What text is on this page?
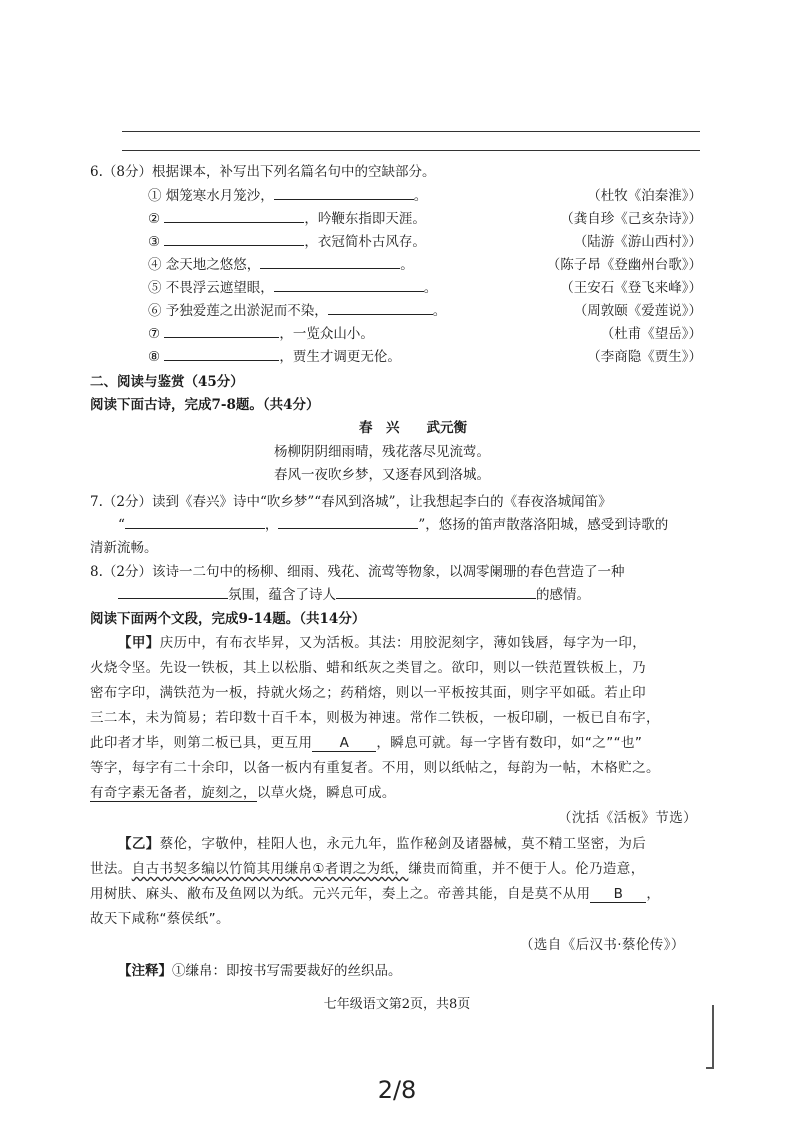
6.（8分）根据课本，补写出下列名篇名句中的空缺部分。
① 烟笼寒水月笼沙，	。	（杜牧《泊秦淮》）
②	，吟鞭东指即天涯。	（龚自珍《己亥杂诗》）
③	，衣冠简朴古风存。	（陆游《游山西村》）
④ 念天地之悠悠，	。	（陈子昂《登幽州台歌》）
⑤ 不畏浮云遮望眼，	。	（王安石《登飞来峰》）
⑥ 予独爱莲之出淤泥而不染，	。	（周敦颐《爱莲说》）
⑦	，一览众山小。	（杜甫《望岳》）
⑧	，贾生才调更无伦。	（李商隐《贾生》）
二、阅读与鉴赏（45分）
阅读下面古诗，完成7-8题。（共4分）
春　兴　　武元衡
杨柳阴阴细雨晴，残花落尽见流莺。
春风一夜吹乡梦，又逐春风到洛城。
7.（2分）读到《春兴》诗中“吹乡梦”“春风到洛城”，让我想起李白的《春夜洛城闻笛》
“	，	”，悠扬的笛声散落洛阳城，感受到诗歌的
清新流畅。
8.（2分）该诗一二句中的杨柳、细雨、残花、流莺等物象，以凋零阑珊的春色营造了一种
氛围，蕴含了诗人	的感情。
阅读下面两个文段，完成9-14题。（共14分）
【甲】庆历中，有布衣毕昇，又为活板。其法：用胶泥刻字，薄如钱唇，每字为一印，
火烧令坚。先设一铁板，其上以松脂、蜡和纸灰之类冒之。欲印，则以一铁范置铁板上，乃
密布字印，满铁范为一板，持就火炀之；药稍熔，则以一平板按其面，则字平如砥。若止印
三二本，未为简易；若印数十百千本，则极为神速。常作二铁板，一板印刷，一板已自布字，
此印者才毕，则第二板已具，更互用 A ，瞬息可就。每一字皆有数印，如“之”“也”
等字，每字有二十余印，以备一板内有重复者。不用，则以纸帖之，每韵为一帖，木格贮之。
有奇字素无备者，旋刻之，以草火烧，瞬息可成。
（沈括《活板》节选）
【乙】蔡伦，字敬仲，桂阳人也，永元九年，监作秘剑及诸器械，莫不精工坚密，为后
世法。自古书契多编以竹简其用缣帛①者谓之为纸，缣贵而简重，并不便于人。伦乃造意，
用树肤、麻头、敝布及鱼网以为纸。元兴元年，奏上之。帝善其能，自是莫不从用 B ，
故天下咸称“蔡侯纸”。
（选自《后汉书·蔡伦传》）
【注释】①缣帛：即按书写需要裁好的丝织品。
七年级语文第2页，共8页
2/8
